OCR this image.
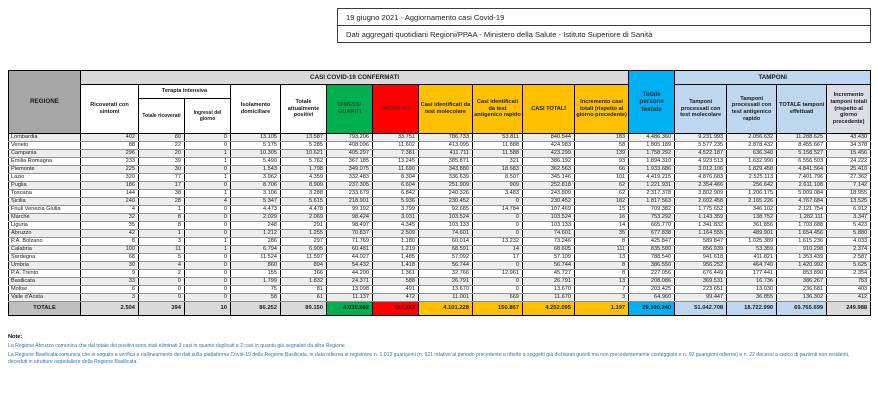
19 giugno 2021 - Aggiornamento casi Covid-19
Dati aggregati quotidiani Regioni/PPAA - Ministero della Salute - Istituto Superiore di Sanità
REGIONE	CASI COVID-19 CONFERMATI											Totale persone testate	TAMPONI			
	Ricoverati con sintomi	Terapia intensiva		Isolamento domiciliare	Totale attualmente positivi	DIMESSI GUARITI	DECEDUTI	Casi identificati da test molecolare	Casi identificati da test antigenico rapido	CASI TOTALI	Incremento casi totali (rispetto al giorno precedente)		Tamponi processati con test molecolare	Tamponi processati con test antigenico rapido	TOTALE tamponi effettuati	Incremento tamponi totali (rispetto al giorno precedente)
		Totale ricoverati	Ingressi del giorno													
Lombardia	402	80	0	13.105	13.587	793.206	33.751	786.733	53.811	840.544	183	4.486.360	9.231.993	2.056.632	11.288.625	43.430
Veneto	88	22	0	5.175	5.285	408.096	11.602	413.095	11.888	424.983	58	1.805.189	5.577.235	2.878.432	8.455.667	34.378
Campania	296	20	1	10.305	10.621	405.297	7.381	411.711	11.588	423.299	139	1.758.292	4.522.187	636.340	5.158.527	15.456
Emilia Romagna	233	39	1	5.490	5.762	367.185	13.245	385.871	321	386.192	93	1.894.310	4.923.513	1.632.990	6.556.503	24.222
Piemonte	225	30	0	1.543	1.798	349.075	11.690	343.880	18.683	362.563	66	1.933.686	3.012.106	1.829.458	4.841.564	25.410
Lazio	320	77	1	3.962	4.359	332.483	8.304	336.639	8.507	345.146	101	4.419.215	4.876.683	2.525.113	7.401.796	27.362
Puglia	186	17	0	8.706	8.909	237.305	6.604	251.909	909	252.818	62	1.221.931	2.354.466	256.642	2.611.108	7.142
Toscana	144	38	1	3.106	3.288	233.679	6.842	240.326	3.483	243.809	62	2.317.378	3.802.909	1.206.175	5.009.084	18.955
Sicilia	240	28	4	5.347	5.615	218.901	5.936	230.452	0	230.452	182	1.817.563	2.602.458	2.165.226	4.767.684	13.525
Friuli Venezia Giulia	4	1	0	4.473	4.478	99.192	3.799	92.685	14.784	107.469	15	709.382	1.775.652	346.102	2.121.754	6.912
Marche	32	8	0	2.029	2.069	98.424	3.031	103.524	0	103.524	16	753.292	1.143.359	138.752	1.282.111	3.347
Liguria	35	8	0	248	291	98.497	4.345	103.133	0	103.133	14	665.770	1.341.832	361.856	1.703.688	5.423
Abruzzo	42	1	0	1.212	1.255	70.837	2.509	74.601	0	74.601	35	677.838	1.164.555	489.901	1.654.456	5.880
P.A. Bolzano	8	3	1	286	297	71.769	1.180	60.014	13.232	73.246	8	425.847	589.847	1.025.389	1.615.236	4.033
Calabria	100	11	1	6.794	6.905	60.481	1.219	68.591	14	68.605	111	835.580	856.939	53.359	910.298	2.374
Sardegna	68	5	0	11.524	11.597	44.027	1.485	57.092	17	57.109	13	788.540	941.618	411.821	1.353.439	2.587
Umbria	30	4	0	860	894	54.432	1.418	56.744	0	56.744	8	386.550	956.252	464.740	1.420.992	5.625
P.A. Trento	9	2	0	155	166	44.200	1.361	32.766	12.961	45.727	8	227.056	676.449	177.441	853.890	2.354
Basilicata	33	0	0	1.799	1.832	24.371	588	26.791	0	26.791	13	208.086	369.531	16.736	386.267	753
Molise	6	0	0	75	81	13.098	491	13.670	0	13.670	7	203.425	223.651	13.030	236.681	403
Valle d'Aosta	3	0	0	58	61	11.137	472	11.001	669	11.670	3	64.960	99.447	36.855	136.302	412
TOTALE	2.504	394	10	86.252	89.150	4.035.692	127.253	4.101.228	150.867	4.252.095	1.197	29.100.240	51.042.708	18.722.990	69.765.699	249.988
Note:
La Regione Abruzzo comunica che dal totale dei positivi sono stati eliminati 3 casi in quanto duplicati e 2 casi in quanto già segnalati da altra Regione.
La Regione Basilicata comunica che in seguito a verifica e riallineamento dei dati sulla piattaforma Covid-19 della Regione Basilicata, in data odierna si registrano n. 1.013 guarigioni (n. 921 relative al periodo precedente e riferite a soggetti già dichiarati guariti ma non precedentemente conteggiate e n. 92 guarigioni odierne) e n. 22 decessi a carico di pazienti non residenti, deceduti in strutture ospedaliere della Regione Basilicata.
